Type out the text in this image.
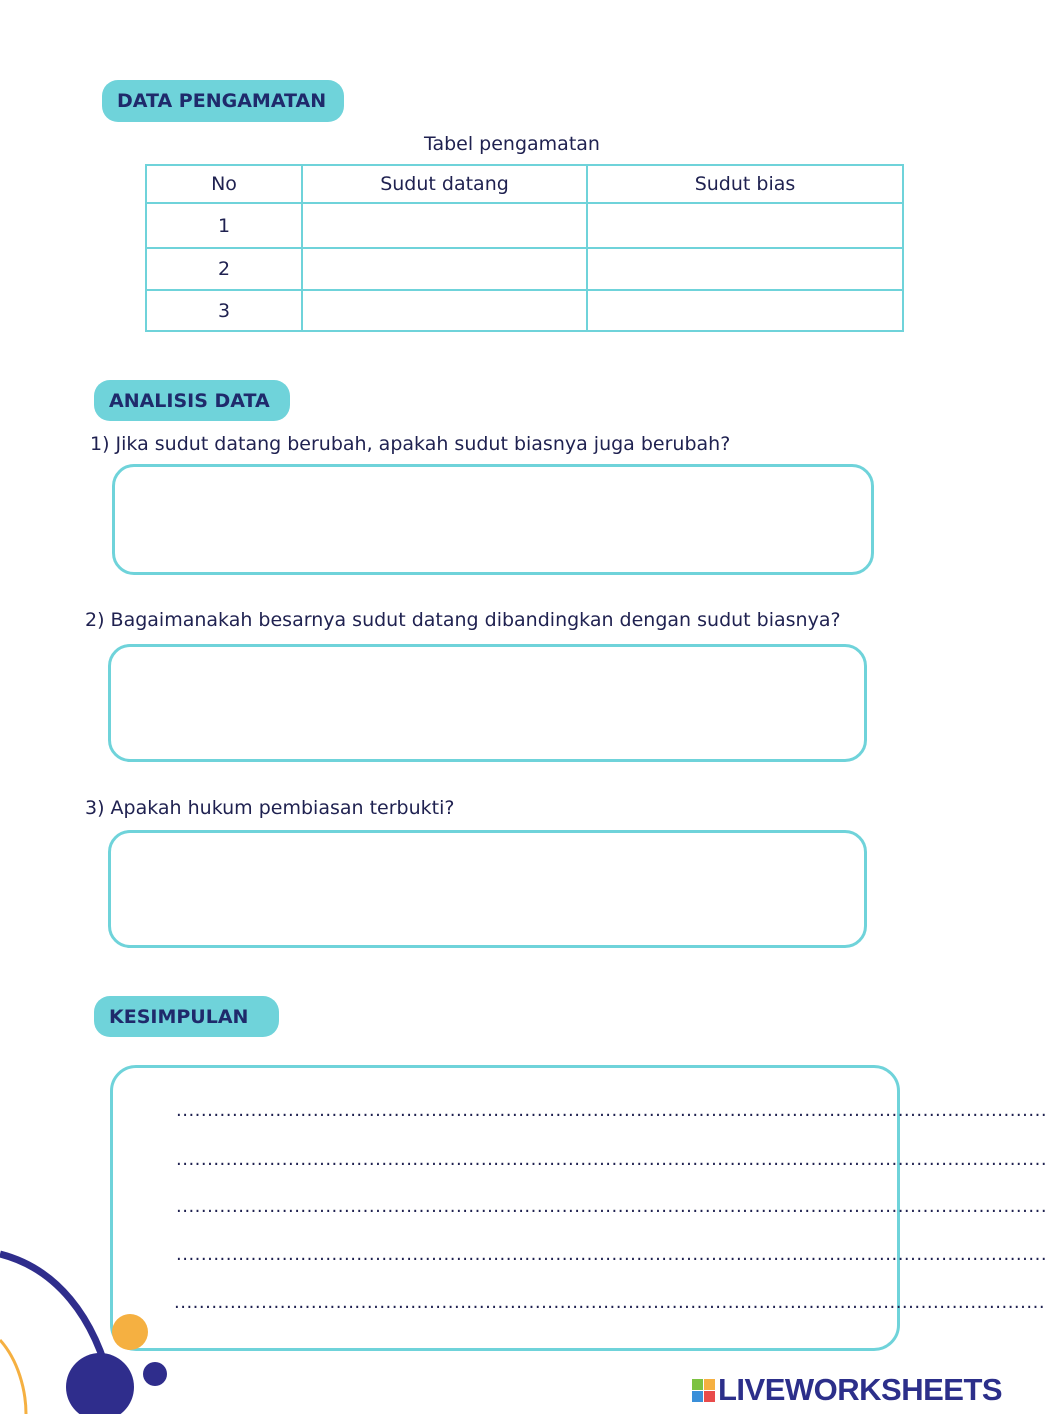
DATA PENGAMATAN
Tabel pengamatan
No	Sudut datang	Sudut bias
1		
2		
3		
ANALISIS DATA
1) Jika sudut datang berubah, apakah sudut biasnya juga berubah?
2) Bagaimanakah besarnya sudut datang dibandingkan dengan sudut biasnya?
3) Apakah hukum pembiasan terbukti?
KESIMPULAN
............................................................................................................................................
............................................................................................................................................
............................................................................................................................................
............................................................................................................................................
............................................................................................................................................
LIVEWORKSHEETS
